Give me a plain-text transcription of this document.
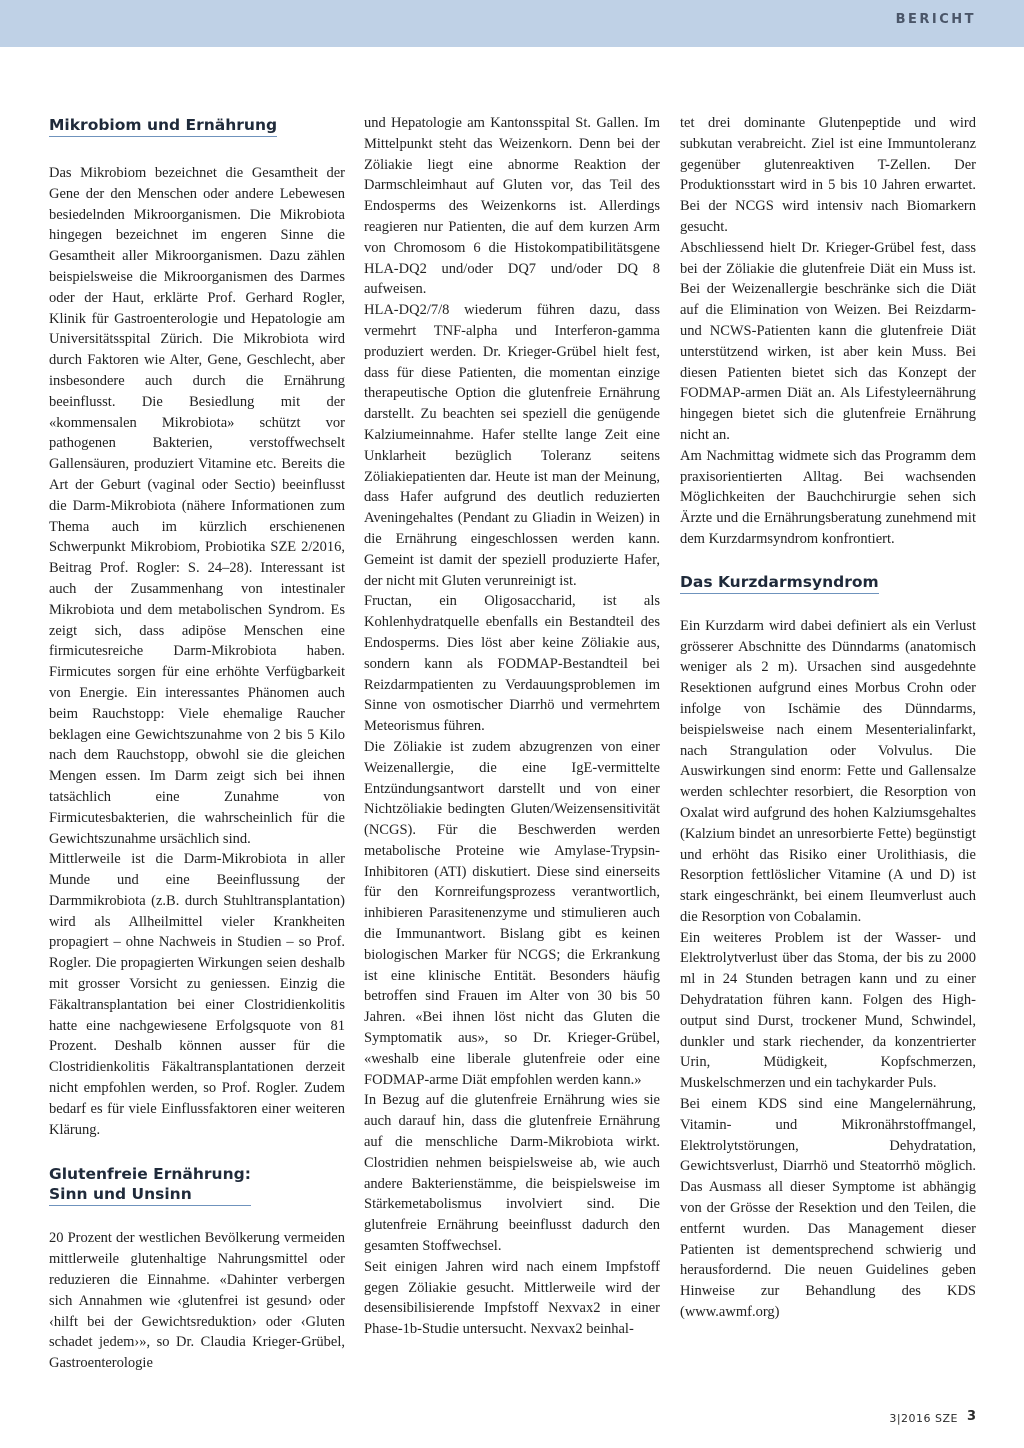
BERICHT
Mikrobiom und Ernährung

Das Mikrobiom bezeichnet die Gesamtheit der Gene der den Menschen oder andere Lebewesen besiedelnden Mikroorganismen. Die Mikrobiota hingegen bezeichnet im engeren Sinne die Gesamtheit aller Mikroorganismen. Dazu zählen beispielsweise die Mikroorganismen des Darmes oder der Haut, erklärte Prof. Gerhard Rogler, Klinik für Gastroenterologie und Hepatologie am Universitätsspital Zürich. Die Mikrobiota wird durch Faktoren wie Alter, Gene, Geschlecht, aber insbesondere auch durch die Ernährung beeinflusst. Die Besiedlung mit der «kommensalen Mikrobiota» schützt vor pathogenen Bakterien, verstoffwechselt Gallensäuren, produziert Vitamine etc. Bereits die Art der Geburt (vaginal oder Sectio) beeinflusst die Darm-Mikrobiota (nähere Informationen zum Thema auch im kürzlich erschienenen Schwerpunkt Mikrobiom, Probiotika SZE 2/2016, Beitrag Prof. Rogler: S. 24–28). Interessant ist auch der Zusammenhang von intestinaler Mikrobiota und dem metabolischen Syndrom. Es zeigt sich, dass adipöse Menschen eine firmicutesreiche Darm-Mikrobiota haben. Firmicutes sorgen für eine erhöhte Verfügbarkeit von Energie. Ein interessantes Phänomen auch beim Rauchstopp: Viele ehemalige Raucher beklagen eine Gewichtszunahme von 2 bis 5 Kilo nach dem Rauchstopp, obwohl sie die gleichen Mengen essen. Im Darm zeigt sich bei ihnen tatsächlich eine Zunahme von Firmicutesbakterien, die wahrscheinlich für die Gewichtszunahme ursächlich sind.

Mittlerweile ist die Darm-Mikrobiota in aller Munde und eine Beeinflussung der Darmmikrobiota (z.B. durch Stuhltransplantation) wird als Allheilmittel vieler Krankheiten propagiert – ohne Nachweis in Studien – so Prof. Rogler. Die propagierten Wirkungen seien deshalb mit grosser Vorsicht zu geniessen. Einzig die Fäkaltransplantation bei einer Clostridienkolitis hatte eine nachgewiesene Erfolgsquote von 81 Prozent. Deshalb können ausser für die Clostridienkolitis Fäkaltransplantationen derzeit nicht empfohlen werden, so Prof. Rogler. Zudem bedarf es für viele Einflussfaktoren einer weiteren Klärung.

Glutenfreie Ernährung:
Sinn und Unsinn

20 Prozent der westlichen Bevölkerung vermeiden mittlerweile glutenhaltige Nahrungsmittel oder reduzieren die Einnahme. «Dahinter verbergen sich Annahmen wie ‹glutenfrei ist gesund› oder ‹hilft bei der Gewichtsreduktion› oder ‹Gluten schadet jedem›», so Dr. Claudia Krieger-Grübel, Gastroenterologie

und Hepatologie am Kantonsspital St. Gallen. Im Mittelpunkt steht das Weizenkorn. Denn bei der Zöliakie liegt eine abnorme Reaktion der Darmschleimhaut auf Gluten vor, das Teil des Endosperms des Weizenkorns ist. Allerdings reagieren nur Patienten, die auf dem kurzen Arm von Chromosom 6 die Histokompatibilitätsgene HLA-DQ2 und/oder DQ7 und/oder DQ 8 aufweisen.

HLA-DQ2/7/8 wiederum führen dazu, dass vermehrt TNF-alpha und Interferon-gamma produziert werden. Dr. Krieger-Grübel hielt fest, dass für diese Patienten, die momentan einzige therapeutische Option die glutenfreie Ernährung darstellt. Zu beachten sei speziell die genügende Kalziumeinnahme. Hafer stellte lange Zeit eine Unklarheit bezüglich Toleranz seitens Zöliakiepatienten dar. Heute ist man der Meinung, dass Hafer aufgrund des deutlich reduzierten Aveningehaltes (Pendant zu Gliadin in Weizen) in die Ernährung eingeschlossen werden kann. Gemeint ist damit der speziell produzierte Hafer, der nicht mit Gluten verunreinigt ist.

Fructan, ein Oligosaccharid, ist als Kohlenhydratquelle ebenfalls ein Bestandteil des Endosperms. Dies löst aber keine Zöliakie aus, sondern kann als FODMAP-Bestandteil bei Reizdarmpatienten zu Verdauungsproblemen im Sinne von osmotischer Diarrhö und vermehrtem Meteorismus führen.

Die Zöliakie ist zudem abzugrenzen von einer Weizenallergie, die eine IgE-vermittelte Entzündungsantwort darstellt und von einer Nichtzöliakie bedingten Gluten/Weizensensitivität (NCGS). Für die Beschwerden werden metabolische Proteine wie Amylase-Trypsin-Inhibitoren (ATI) diskutiert. Diese sind einerseits für den Kornreifungsprozess verantwortlich, inhibieren Parasitenenzyme und stimulieren auch die Immunantwort. Bislang gibt es keinen biologischen Marker für NCGS; die Erkrankung ist eine klinische Entität. Besonders häufig betroffen sind Frauen im Alter von 30 bis 50 Jahren. «Bei ihnen löst nicht das Gluten die Symptomatik aus», so Dr. Krieger-Grübel, «weshalb eine liberale glutenfreie oder eine FODMAP-arme Diät empfohlen werden kann.»

In Bezug auf die glutenfreie Ernährung wies sie auch darauf hin, dass die glutenfreie Ernährung auf die menschliche Darm-Mikrobiota wirkt. Clostridien nehmen beispielsweise ab, wie auch andere Bakterienstämme, die beispielsweise im Stärkemetabolismus involviert sind. Die glutenfreie Ernährung beeinflusst dadurch den gesamten Stoffwechsel.

Seit einigen Jahren wird nach einem Impfstoff gegen Zöliakie gesucht. Mittlerweile wird der desensibilisierende Impfstoff Nexvax2 in einer Phase-1b-Studie untersucht. Nexvax2 beinhal-

tet drei dominante Glutenpeptide und wird subkutan verabreicht. Ziel ist eine Immuntoleranz gegenüber glutenreaktiven T-Zellen. Der Produktionsstart wird in 5 bis 10 Jahren erwartet. Bei der NCGS wird intensiv nach Biomarkern gesucht.

Abschliessend hielt Dr. Krieger-Grübel fest, dass bei der Zöliakie die glutenfreie Diät ein Muss ist. Bei der Weizenallergie beschränke sich die Diät auf die Elimination von Weizen. Bei Reizdarm- und NCWS-Patienten kann die glutenfreie Diät unterstützend wirken, ist aber kein Muss. Bei diesen Patienten bietet sich das Konzept der FODMAP-armen Diät an. Als Lifestyleernährung hingegen bietet sich die glutenfreie Ernährung nicht an.

Am Nachmittag widmete sich das Programm dem praxisorientierten Alltag. Bei wachsenden Möglichkeiten der Bauchchirurgie sehen sich Ärzte und die Ernährungsberatung zunehmend mit dem Kurzdarmsyndrom konfrontiert.

Das Kurzdarmsyndrom

Ein Kurzdarm wird dabei definiert als ein Verlust grösserer Abschnitte des Dünndarms (anatomisch weniger als 2 m). Ursachen sind ausgedehnte Resektionen aufgrund eines Morbus Crohn oder infolge von Ischämie des Dünndarms, beispielsweise nach einem Mesenterialinfarkt, nach Strangulation oder Volvulus. Die Auswirkungen sind enorm: Fette und Gallensalze werden schlechter resorbiert, die Resorption von Oxalat wird aufgrund des hohen Kalziumsgehaltes (Kalzium bindet an unresorbierte Fette) begünstigt und erhöht das Risiko einer Urolithiasis, die Resorption fettlöslicher Vitamine (A und D) ist stark eingeschränkt, bei einem Ileumverlust auch die Resorption von Cobalamin.

Ein weiteres Problem ist der Wasser- und Elektrolytverlust über das Stoma, der bis zu 2000 ml in 24 Stunden betragen kann und zu einer Dehydratation führen kann. Folgen des High-output sind Durst, trockener Mund, Schwindel, dunkler und stark riechender, da konzentrierter Urin, Müdigkeit, Kopfschmerzen, Muskelschmerzen und ein tachykarder Puls.

Bei einem KDS sind eine Mangelernährung, Vitamin- und Mikronährstoffmangel, Elektrolytstörungen, Dehydratation, Gewichtsverlust, Diarrhö und Steatorrhö möglich. Das Ausmass all dieser Symptome ist abhängig von der Grösse der Resektion und den Teilen, die entfernt wurden. Das Management dieser Patienten ist dementsprechend schwierig und herausfordernd. Die neuen Guidelines geben Hinweise zur Behandlung des KDS (www.awmf.org)

3|2016 SZE 3
